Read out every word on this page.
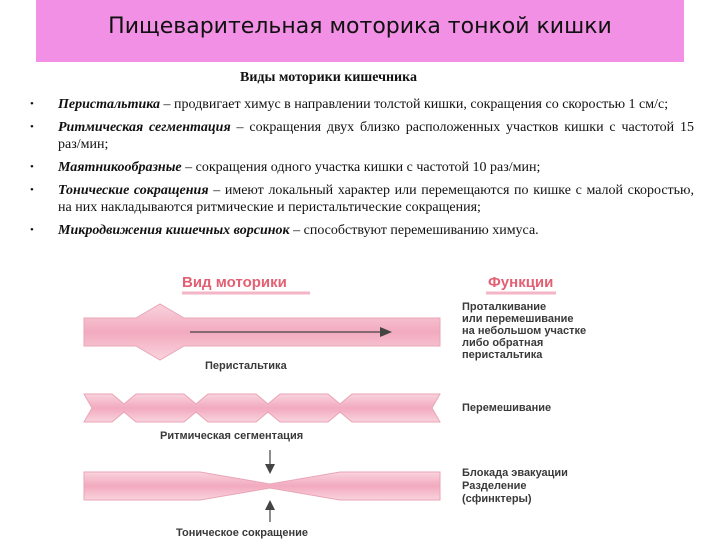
Пищеварительная моторика тонкой кишки
Виды моторики кишечника
• Перистальтика – продвигает химус в направлении толстой кишки, сокращения со скоростью 1 см/с;
• Ритмическая сегментация – сокращения двух близко расположенных участков кишки с частотой 15 раз/мин;
• Маятникообразные – сокращения одного участка кишки с частотой 10 раз/мин;
• Тонические сокращения – имеют локальный характер или перемещаются по кишке с малой скоростью, на них накладываются ритмические и перистальтические сокращения;
• Микродвижения кишечных ворсинок – способствуют перемешиванию химуса.
Вид моторики	Функции
Перистальтика
Проталкивание
или перемешивание
на небольшом участке
либо обратная
перистальтика
Ритмическая сегментация
Перемешивание
Тоническое сокращение
Блокада эвакуации
Разделение
(сфинктеры)
